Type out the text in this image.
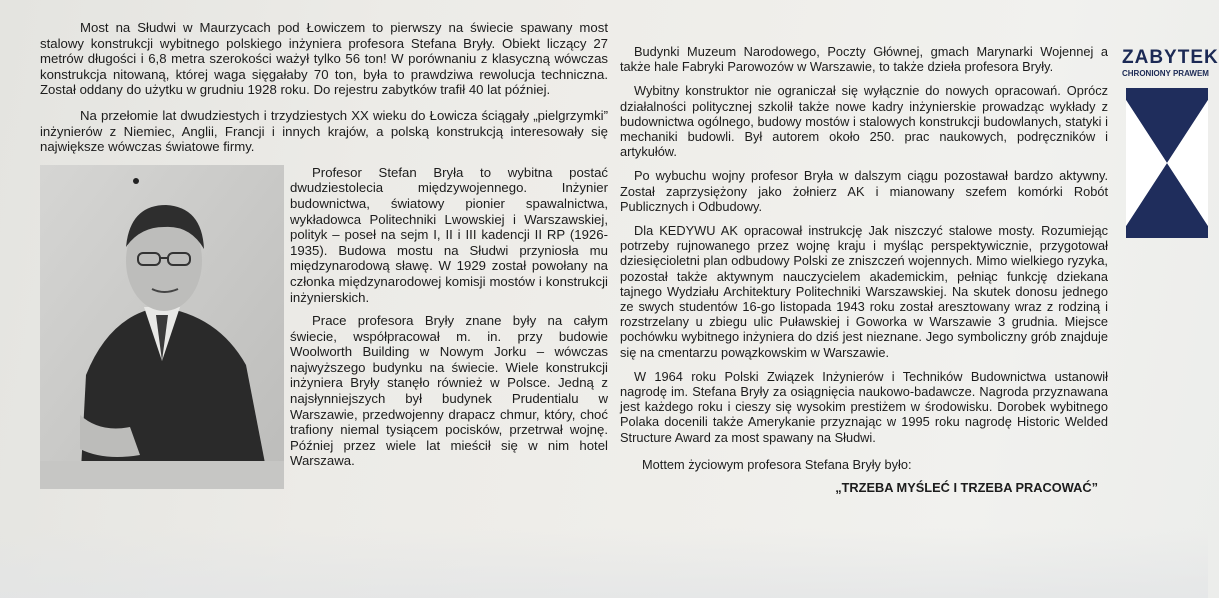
Most na Słudwi w Maurzycach pod Łowiczem to pierwszy na świecie spawany most stalowy konstrukcji wybitnego polskiego inżyniera profesora Stefana Bryły. Obiekt liczący 27 metrów długości i 6,8 metra szerokości ważył tylko 56 ton! W porównaniu z klasyczną wówczas konstrukcja nitowaną, której waga sięgałaby 70 ton, była to prawdziwa rewolucja techniczna. Został oddany do użytku w grudniu 1928 roku. Do rejestru zabytków trafił 40 lat później.

Na przełomie lat dwudziestych i trzydziestych XX wieku do Łowicza ściągały „pielgrzymki” inżynierów z Niemiec, Anglii, Francji i innych krajów, a polską konstrukcją interesowały się największe wówczas światowe firmy.

Profesor Stefan Bryła to wybitna postać dwudziestolecia międzywojennego. Inżynier budownictwa, światowy pionier spawalnictwa, wykładowca Politechniki Lwowskiej i Warszawskiej, polityk – poseł na sejm I, II i III kadencji II RP (1926-1935). Budowa mostu na Słudwi przyniosła mu międzynarodową sławę. W 1929 został powołany na członka międzynarodowej komisji mostów i konstrukcji inżynierskich.

Prace profesora Bryły znane były na całym świecie, współpracował m. in. przy budowie Woolworth Building w Nowym Jorku – wówczas najwyższego budynku na świecie. Wiele konstrukcji inżyniera Bryły stanęło również w Polsce. Jedną z najsłynniejszych był budynek Prudentialu w Warszawie, przedwojenny drapacz chmur, który, choć trafiony niemal tysiącem pocisków, przetrwał wojnę. Później przez wiele lat mieścił się w nim hotel Warszawa.

Budynki Muzeum Narodowego, Poczty Głównej, gmach Marynarki Wojennej a także hale Fabryki Parowozów w Warszawie, to także dzieła profesora Bryły.

Wybitny konstruktor nie ograniczał się wyłącznie do nowych opracowań. Oprócz działalności politycznej szkolił także nowe kadry inżynierskie prowadząc wykłady z budownictwa ogólnego, budowy mostów i stalowych konstrukcji budowlanych, statyki i mechaniki budowli. Był autorem około 250. prac naukowych, podręczników i artykułów.

Po wybuchu wojny profesor Bryła w dalszym ciągu pozostawał bardzo aktywny. Został zaprzysiężony jako żołnierz AK i mianowany szefem komórki Robót Publicznych i Odbudowy.

Dla KEDYWU AK opracował instrukcję Jak niszczyć stalowe mosty. Rozumiejąc potrzeby rujnowanego przez wojnę kraju i myśląc perspektywicznie, przygotował dziesięcioletni plan odbudowy Polski ze zniszczeń wojennych. Mimo wielkiego ryzyka, pozostał także aktywnym nauczycielem akademickim, pełniąc funkcję dziekana tajnego Wydziału Architektury Politechniki Warszawskiej. Na skutek donosu jednego ze swych studentów 16-go listopada 1943 roku został aresztowany wraz z rodziną i rozstrzelany u zbiegu ulic Puławskiej i Goworka w Warszawie 3 grudnia. Miejsce pochówku wybitnego inżyniera do dziś jest nieznane. Jego symboliczny grób znajduje się na cmentarzu powązkowskim w Warszawie.

W 1964 roku Polski Związek Inżynierów i Techników Budownictwa ustanowił nagrodę im. Stefana Bryły za osiągnięcia naukowo-badawcze. Nagroda przyznawana jest każdego roku i cieszy się wysokim prestiżem w środowisku. Dorobek wybitnego Polaka docenili także Amerykanie przyznając w 1995 roku nagrodę Historic Welded Structure Award za most spawany na Słudwi.

Mottem życiowym profesora Stefana Bryły było:

„TRZEBA MYŚLEĆ I TRZEBA PRACOWAĆ”

ZABYTEK
CHRONIONY PRAWEM
